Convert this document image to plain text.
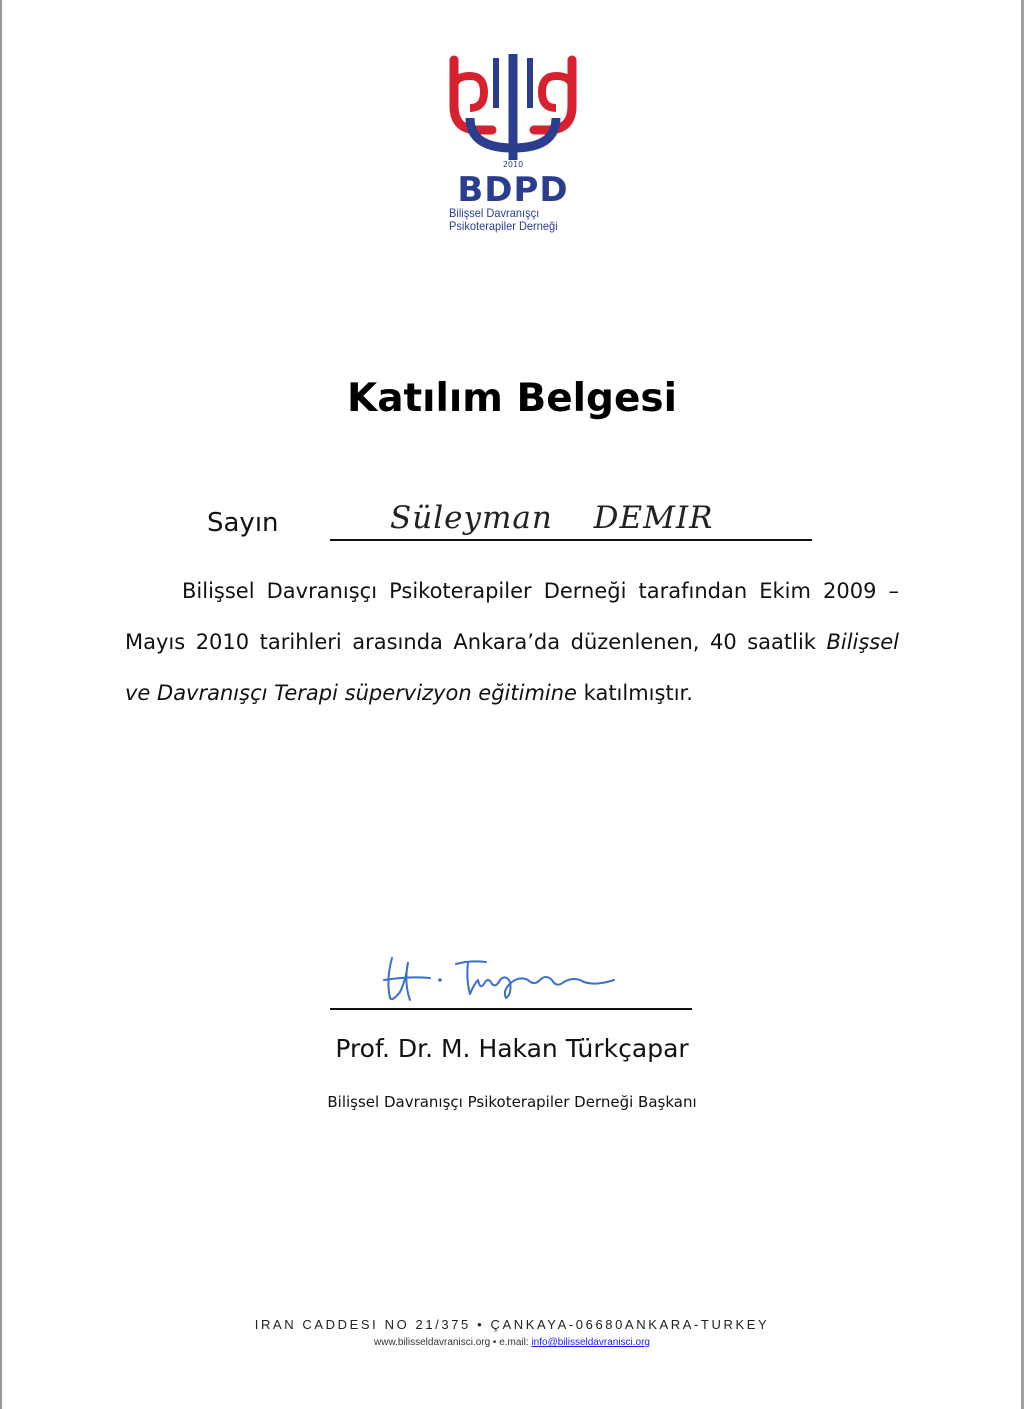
2010
BDPD
Bilişsel Davranışçı
Psikoterapiler Derneği
Katılım Belgesi
Sayın	Süleyman DEMIR
Bilişsel Davranışçı Psikoterapiler Derneği tarafından Ekim 2009 – Mayıs 2010 tarihleri arasında Ankara’da düzenlenen, 40 saatlik Bilişsel ve Davranışçı Terapi süpervizyon eğitimine katılmıştır.
Prof. Dr. M. Hakan Türkçapar
Bilişsel Davranışçı Psikoterapiler Derneği Başkanı
IRAN CADDESI NO 21/375 • ÇANKAYA-06680ANKARA-TURKEY
www.bilisseldavranisci.org • e.mail: info@bilisseldavranisci.org
